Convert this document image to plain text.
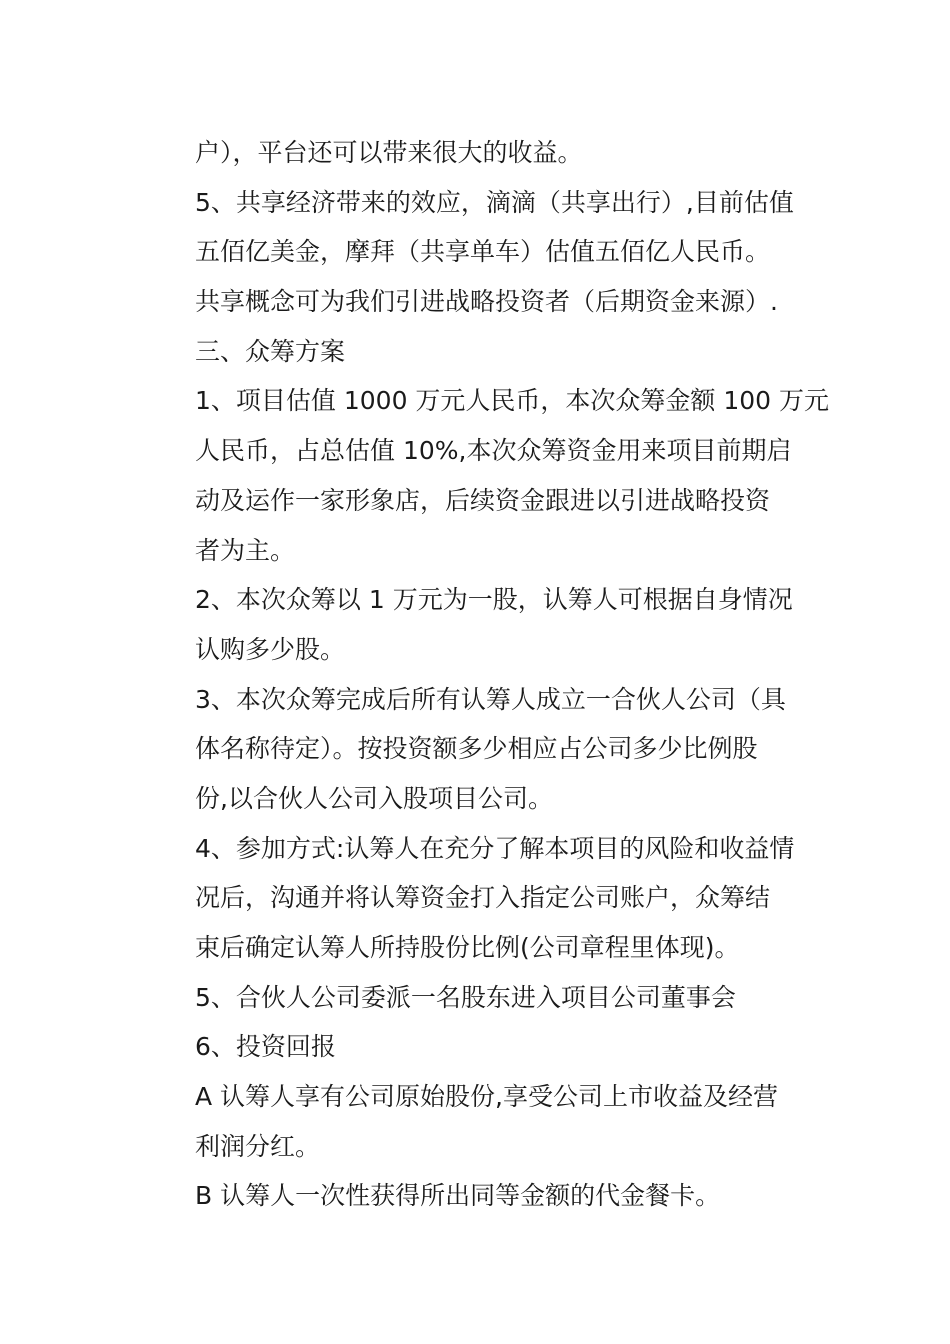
户），平台还可以带来很大的收益。
5、共享经济带来的效应，滴滴（共享出行）,目前估值
五佰亿美金，摩拜（共享单车）估值五佰亿人民币。
共享概念可为我们引进战略投资者（后期资金来源）.
三、众筹方案
1、项目估值 1000 万元人民币，本次众筹金额 100 万元
人民币，占总估值 10%,本次众筹资金用来项目前期启
动及运作一家形象店，后续资金跟进以引进战略投资
者为主。
2、本次众筹以 1 万元为一股，认筹人可根据自身情况
认购多少股。
3、本次众筹完成后所有认筹人成立一合伙人公司（具
体名称待定）。按投资额多少相应占公司多少比例股
份,以合伙人公司入股项目公司。
4、参加方式:认筹人在充分了解本项目的风险和收益情
况后，沟通并将认筹资金打入指定公司账户，众筹结
束后确定认筹人所持股份比例(公司章程里体现)。
5、合伙人公司委派一名股东进入项目公司董事会
6、投资回报
A 认筹人享有公司原始股份,享受公司上市收益及经营
利润分红。
B 认筹人一次性获得所出同等金额的代金餐卡。
